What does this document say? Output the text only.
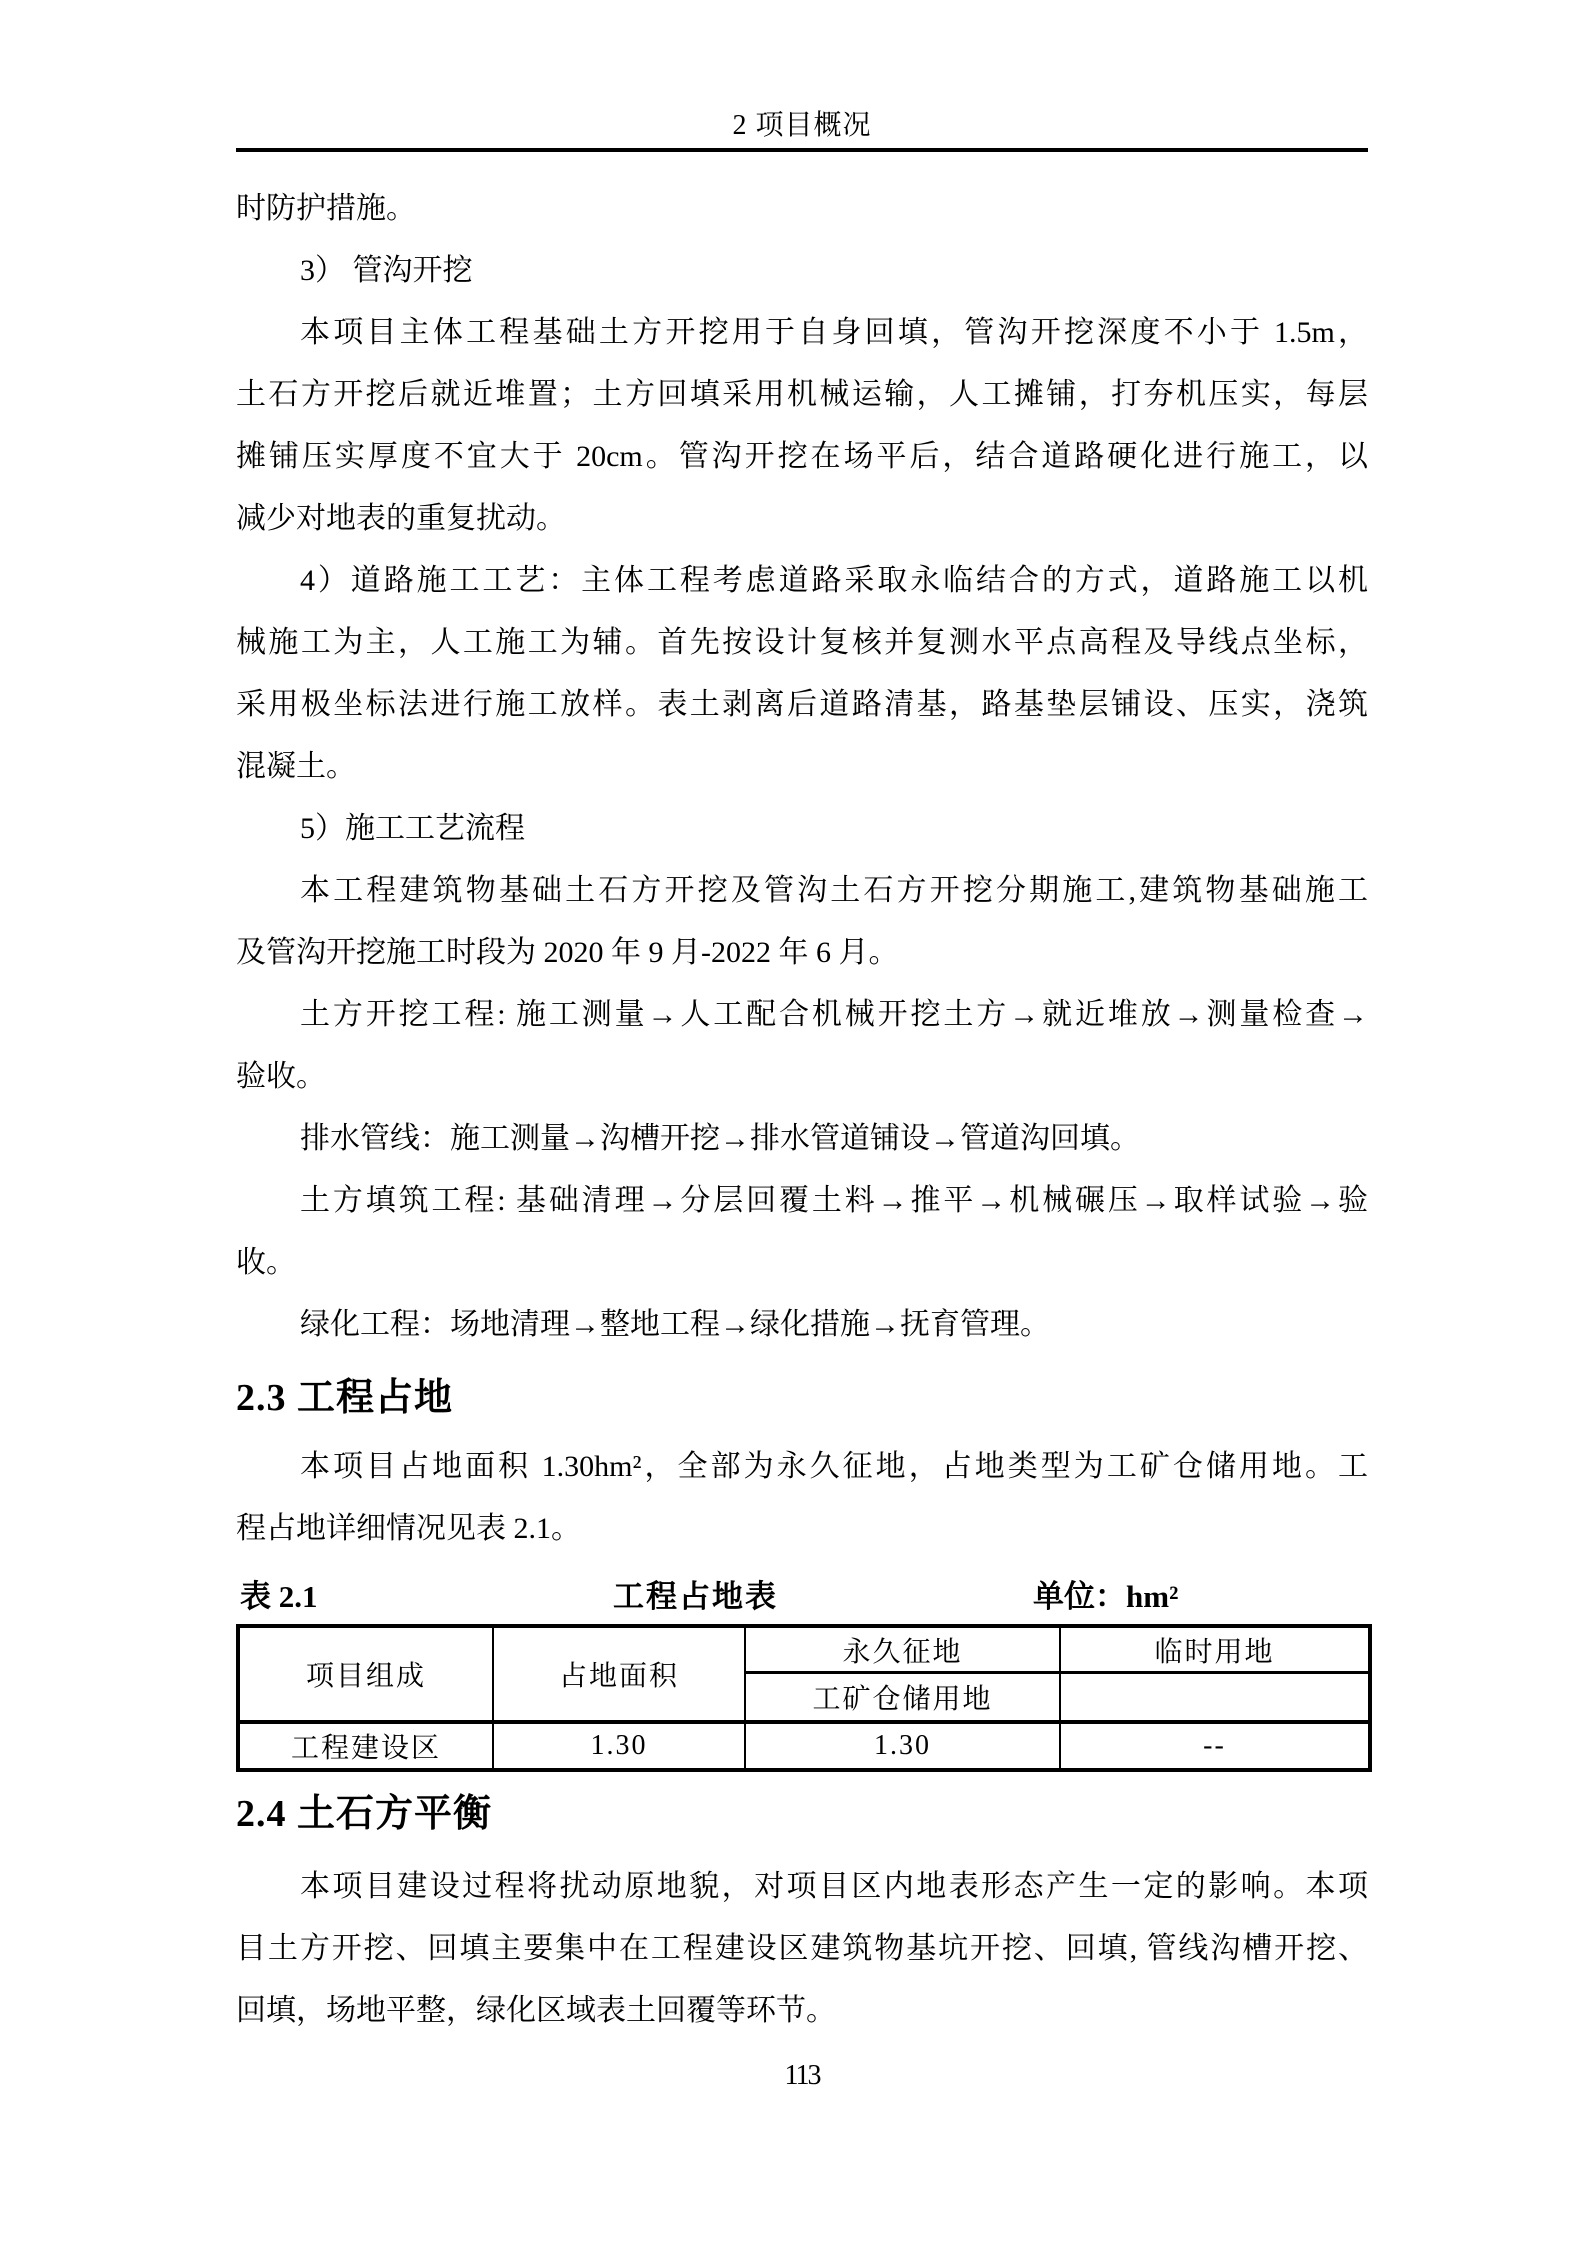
2 项目概况
时防护措施。
3） 管沟开挖
本项目主体工程基础土方开挖用于自身回填，管沟开挖深度不小于 1.5m，
土石方开挖后就近堆置；土方回填采用机械运输，人工摊铺，打夯机压实，每层
摊铺压实厚度不宜大于 20cm。管沟开挖在场平后，结合道路硬化进行施工，以
减少对地表的重复扰动。
4）道路施工工艺：主体工程考虑道路采取永临结合的方式，道路施工以机
械施工为主，人工施工为辅。首先按设计复核并复测水平点高程及导线点坐标，
采用极坐标法进行施工放样。表土剥离后道路清基，路基垫层铺设、压实，浇筑
混凝土。
5）施工工艺流程
本工程建筑物基础土石方开挖及管沟土石方开挖分期施工,建筑物基础施工
及管沟开挖施工时段为 2020 年 9 月-2022 年 6 月。
土方开挖工程: 施工测量→人工配合机械开挖土方→就近堆放→测量检查→
验收。
排水管线：施工测量→沟槽开挖→排水管道铺设→管道沟回填。
土方填筑工程: 基础清理→分层回覆土料→推平→机械碾压→取样试验→验
收。
绿化工程：场地清理→整地工程→绿化措施→抚育管理。
2.3 工程占地
本项目占地面积 1.30hm²，全部为永久征地，占地类型为工矿仓储用地。工
程占地详细情况见表 2.1。
表 2.1	工程占地表	单位：hm²
项目组成	占地面积	永久征地	临时用地
		工矿仓储用地	
工程建设区	1.30	1.30	--
2.4 土石方平衡
本项目建设过程将扰动原地貌，对项目区内地表形态产生一定的影响。本项
目土方开挖、回填主要集中在工程建设区建筑物基坑开挖、回填, 管线沟槽开挖、
回填，场地平整，绿化区域表土回覆等环节。
113
